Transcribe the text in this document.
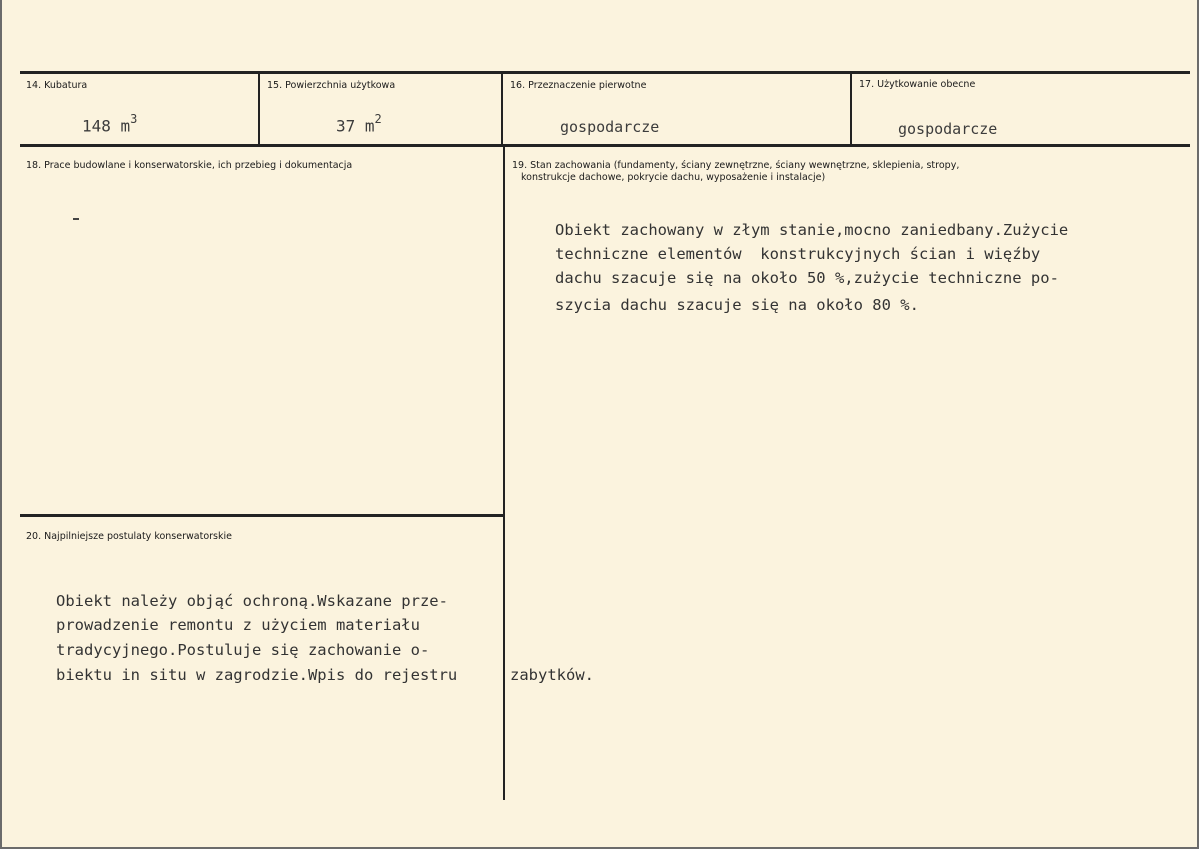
14. Kubatura
148 $m^3$
15. Powierzchnia użytkowa
37 $m^2$
16. Przeznaczenie pierwotne
gospodarcze
17. Użytkowanie obecne
gospodarcze
18. Prace budowlane i konserwatorskie, ich przebieg i dokumentacja	19. Stan zachowania (fundamenty, ściany zewnętrzne, ściany wewnętrzne, sklepienia, stropy,
konstrukcje dachowe, pokrycie dachu, wyposażenie i instalacje)
Obiekt zachowany w złym stanie,mocno zaniedbany.Zużycie
techniczne elementów  konstrukcyjnych ścian i więźby
dachu szacuje się na około 50 %,zużycie techniczne po-
szycia dachu szacuje się na około 80 %.
20. Najpilniejsze postulaty konserwatorskie
Obiekt należy objąć ochroną.Wskazane prze-
prowadzenie remontu z użyciem materiału
tradycyjnego.Postuluje się zachowanie o-
biektu in situ w zagrodzie.Wpis do rejestru	zabytków.
